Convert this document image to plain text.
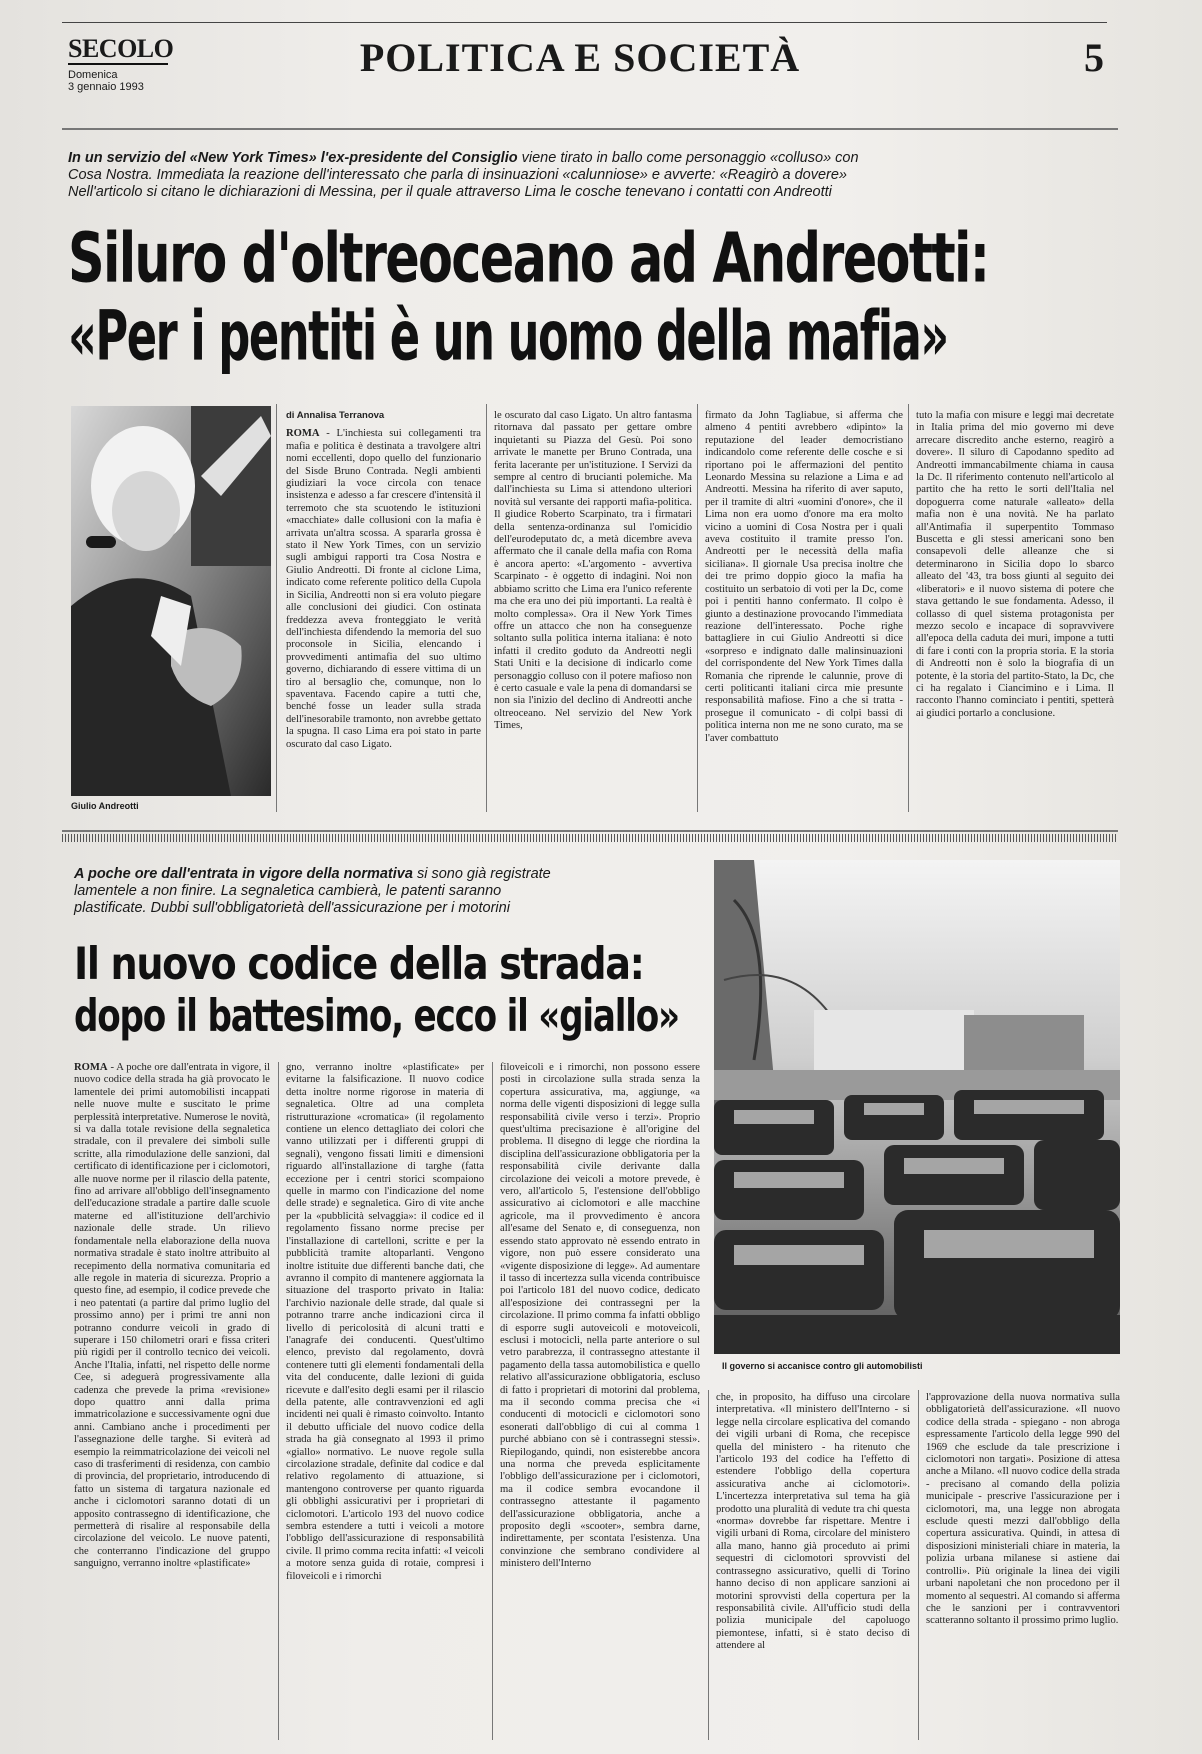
SECOLO
Domenica
3 gennaio 1993
POLITICA E SOCIETÀ	5
In un servizio del «New York Times» l'ex-presidente del Consiglio viene tirato in ballo come personaggio «colluso» con
Cosa Nostra. Immediata la reazione dell'interessato che parla di insinuazioni «calunniose» e avverte: «Reagirò a dovere»
Nell'articolo si citano le dichiarazioni di Messina, per il quale attraverso Lima le cosche tenevano i contatti con Andreotti
Siluro d'oltreoceano ad Andreotti:
«Per i pentiti è un uomo della mafia»
Giulio Andreotti
di Annalisa Terranova
ROMA - L'inchiesta sui collegamenti tra mafia e politica è destinata a travolgere altri nomi eccellenti, dopo quello del funzionario del Sisde Bruno Contrada. Negli ambienti giudiziari la voce circola con tenace insistenza e adesso a far crescere d'intensità il terremoto che sta scuotendo le istituzioni «macchiate» dalle collusioni con la mafia è arrivata un'altra scossa. A spararla grossa è stato il New York Times, con un servizio sugli ambigui rapporti tra Cosa Nostra e Giulio Andreotti. Di fronte al ciclone Lima, indicato come referente politico della Cupola in Sicilia, Andreotti non si era voluto piegare alle conclusioni dei giudici. Con ostinata freddezza aveva fronteggiato le verità dell'inchiesta difendendo la memoria del suo proconsole in Sicilia, elencando i provvedimenti antimafia del suo ultimo governo, dichiarando di essere vittima di un tiro al bersaglio che, comunque, non lo spaventava. Facendo capire a tutti che, benché fosse un leader sulla strada dell'inesorabile tramonto, non avrebbe gettato la spugna. Il caso Lima era poi stato in parte oscurato dal caso Ligato.
le oscurato dal caso Ligato. Un altro fantasma ritornava dal passato per gettare ombre inquietanti su Piazza del Gesù. Poi sono arrivate le manette per Bruno Contrada, una ferita lacerante per un'istituzione. I Servizi da sempre al centro di bruciantі polemiche. Ma dall'inchiesta su Lima si attendono ulteriori novità sul versante dei rapporti mafia-politica. Il giudice Roberto Scarpinato, tra i firmatari della sentenza-ordinanza sul l'omicidio dell'eurodeputato dc, a metà dicembre aveva affermato che il canale della mafia con Roma è ancora aperto: «L'argomento - avvertiva Scarpinato - è oggetto di indagini. Noi non abbiamo scritto che Lima era l'unico referente ma che era uno dei più importanti. La realtà è molto complessa». Ora il New York Times offre un attacco che non ha conseguenze soltanto sulla politica interna italiana: è noto infatti il credito goduto da Andreotti negli Stati Uniti e la decisione di indicarlo come personaggio colluso con il potere mafioso non è certo casuale e vale la pena di domandarsi se non sia l'inizio del declino di Andreotti anche oltreoceano. Nel servizio del New York Times,
firmato da John Tagliabue, si afferma che almeno 4 pentiti avrebbero «dipinto» la reputazione del leader democristiano indicandolo come referente delle cosche e si riportano poi le affermazioni del pentito Leonardo Messina su relazione a Lima e ad Andreotti. Messina ha riferito di aver saputo, per il tramite di altri «uomini d'onore», che il Lima non era uomo d'onore ma era molto vicino a uomini di Cosa Nostra per i quali aveva costituito il tramite presso l'on. Andreotti per le necessità della mafia siciliana». Il giornale Usa precisa inoltre che dei tre primo doppio gioco la mafia ha costituito un serbatoio di voti per la Dc, come poi i pentiti hanno confermato. Il colpo è giunto a destinazione provocando l'immediata reazione dell'interessato. Poche righe battagliere in cui Giulio Andreotti si dice «sorpreso e indignato dalle malinsinuazioni del corrispondente del New York Times dalla Romania che riprende le calunnie, prove di certi politicanti italiani circa mie presunte responsabilità mafiose. Fino a che si tratta - prosegue il comunicato - di colpi bassi di politica interna non me ne sono curato, ma se l'aver combattuto
tuto la mafia con misure e leggi mai decretate in Italia prima del mio governo mi deve arrecare discredito anche esterno, reagirò a dovere». Il siluro di Capodanno spedito ad Andreotti immancabilmente chiama in causa la Dc. Il riferimento contenuto nell'articolo al partito che ha retto le sorti dell'Italia nel dopoguerra come naturale «alleato» della mafia non è una novità. Ne ha parlato all'Antimafia il superpentito Tommaso Buscetta e gli stessi americani sono ben consapevoli delle alleanze che si determinarono in Sicilia dopo lo sbarco alleato del '43, tra boss giunti al seguito dei «liberatori» e il nuovo sistema di potere che stava gettando le sue fondamenta. Adesso, il collasso di quel sistema protagonista per mezzo secolo e incapace di sopravvivere all'epoca della caduta dei muri, impone a tutti di fare i conti con la propria storia. E la storia di Andreotti non è solo la biografia di un potente, è la storia del partito-Stato, la Dc, che ci ha regalato i Ciancimino e i Lima. Il racconto l'hanno cominciato i pentiti, spetterà ai giudici portarlo a conclusione.
A poche ore dall'entrata in vigore della normativa si sono già registrate
lamentele a non finire. La segnaletica cambierà, le patenti saranno
plastificate. Dubbi sull'obbligatorietà dell'assicurazione per i motorini
Il nuovo codice della strada:
dopo il battesimo, ecco il «giallo»
Il governo si accanisce contro gli automobilisti
ROMA - A poche ore dall'entrata in vigore, il nuovo codice della strada ha già provocato le lamentele dei primi automobilisti incappati nelle nuove multe e suscitato le prime perplessità interpretative. Numerose le novità, si va dalla totale revisione della segnaletica stradale, con il prevalere dei simboli sulle scritte, alla rimodulazione delle sanzioni, dal certificato di identificazione per i ciclomotori, alle nuove norme per il rilascio della patente, fino ad arrivare all'obbligo dell'insegnamento dell'educazione stradale a partire dalle scuole materne ed all'istituzione dell'archivio nazionale delle strade. Un rilievo fondamentale nella elaborazione della nuova normativa stradale è stato inoltre attribuito al recepimento della normativa comunitaria ed alle regole in materia di sicurezza. Proprio a questo fine, ad esempio, il codice prevede che i neo patentati (a partire dal primo luglio del prossimo anno) per i primi tre anni non potranno condurre veicoli in grado di superare i 150 chilometri orari e fissa criteri più rigidi per il controllo tecnico dei veicoli. Anche l'Italia, infatti, nel rispetto delle norme Cee, si adeguerà progressivamente alla cadenza che prevede la prima «revisione» dopo quattro anni dalla prima immatricolazione e successivamente ogni due anni. Cambiano anche i procedimenti per l'assegnazione delle targhe. Si eviterà ad esempio la reimmatricolazione dei veicoli nel caso di trasferimenti di residenza, con cambio di provincia, del proprietario, introducendo di fatto un sistema di targatura nazionale ed anche i ciclomotori saranno dotati di un apposito contrassegno di identificazione, che permetterà di risalire al responsabile della circolazione del veicolo. Le nuove patenti, che conterranno l'indicazione del gruppo sanguigno, verranno inoltre «plastificate»
gno, verranno inoltre «plastificate» per evitarne la falsificazione. Il nuovo codice detta inoltre norme rigorose in materia di segnaletica. Oltre ad una completa ristrutturazione «cromatica» (il regolamento contiene un elenco dettagliato dei colori che vanno utilizzati per i differenti gruppi di segnali), vengono fissati limiti e dimensioni riguardo all'installazione di targhe (fatta eccezione per i centri storici scompaiono quelle in marmo con l'indicazione del nome delle strade) e segnaletica. Giro di vite anche per la «pubblicità selvaggia»: il codice ed il regolamento fissano norme precise per l'installazione di cartelloni, scritte e per la pubblicità tramite altoparlanti. Vengono inoltre istituite due differenti banche dati, che avranno il compito di mantenere aggiornata la situazione del trasporto privato in Italia: l'archivio nazionale delle strade, dal quale si potranno trarre anche indicazioni circa il livello di pericolosità di alcuni tratti e l'anagrafe dei conducenti. Quest'ultimo elenco, previsto dal regolamento, dovrà contenere tutti gli elementi fondamentali della vita del conducente, dalle lezioni di guida ricevute e dall'esito degli esami per il rilascio della patente, alle contravvenzioni ed agli incidenti nei quali è rimasto coinvolto. Intanto il debutto ufficiale del nuovo codice della strada ha già consegnato al 1993 il primo «giallo» normativo. Le nuove regole sulla circolazione stradale, definite dal codice e dal relativo regolamento di attuazione, si mantengono controverse per quanto riguarda gli obblighi assicurativi per i proprietari di ciclomotori. L'articolo 193 del nuovo codice sembra estendere a tutti i veicoli a motore l'obbligo dell'assicurazione di responsabilità civile. Il primo comma recita infatti: «I veicoli a motore senza guida di rotaie, compresi i filoveicoli e i rimorchi
filoveicoli e i rimorchi, non possono essere posti in circolazione sulla strada senza la copertura assicurativa, ma, aggiunge, «a norma delle vigenti disposizioni di legge sulla responsabilità civile verso i terzi». Proprio quest'ultima precisazione è all'origine del problema. Il disegno di legge che riordina la disciplina dell'assicurazione obbligatoria per la responsabilità civile derivante dalla circolazione dei veicoli a motore prevede, è vero, all'articolo 5, l'estensione dell'obbligo assicurativo ai ciclomotori e alle macchine agricole, ma il provvedimento è ancora all'esame del Senato e, di conseguenza, non essendo stato approvato nè essendo entrato in vigore, non può essere considerato una «vigente disposizione di legge». Ad aumentare il tasso di incertezza sulla vicenda contribuisce poi l'articolo 181 del nuovo codice, dedicato all'esposizione dei contrassegni per la circolazione. Il primo comma fa infatti obbligo di esporre sugli autoveicoli e motoveicoli, esclusi i motocicli, nella parte anteriore o sul vetro parabrezza, il contrassegno attestante il pagamento della tassa automobilistica e quello relativo all'assicurazione obbligatoria, escluso di fatto i proprietari di motorini dal problema, ma il secondo comma precisa che «i conducenti di motocicli e ciclomotori sono esonerati dall'obbligo di cui al comma 1 purché abbiano con sè i contrassegni stessi». Riepilogando, quindi, non esisterebbe ancora una norma che preveda esplicitamente l'obbligo dell'assicurazione per i ciclomotori, ma il codice sembra evocandone il contrassegno attestante il pagamento dell'assicurazione obbligatoria, anche a proposito degli «scooter», sembra darne, indirettamente, per scontata l'esistenza. Una convinzione che sembrano condividere al ministero dell'Interno
che, in proposito, ha diffuso una circolare interpretativa. «Il ministero dell'Interno - si legge nella circolare esplicativa del comando dei vigili urbani di Roma, che recepisce quella del ministero - ha ritenuto che l'articolo 193 del codice ha l'effetto di estendere l'obbligo della copertura assicurativa anche ai ciclomotori». L'incertezza interpretativa sul tema ha già prodotto una pluralità di vedute tra chi questa «norma» dovrebbe far rispettare. Mentre i vigili urbani di Roma, circolare del ministero alla mano, hanno già proceduto ai primi sequestri di ciclomotori sprovvisti del contrassegno assicurativo, quelli di Torino hanno deciso di non applicare sanzioni ai motorini sprovvisti della copertura per la responsabilità civile. All'ufficio studi della polizia municipale del capoluogo piemontese, infatti, si è stato deciso di attendere al
l'approvazione della nuova normativa sulla obbligatorietà dell'assicurazione. «Il nuovo codice della strada - spiegano - non abroga espressamente l'articolo della legge 990 del 1969 che esclude da tale prescrizione i ciclomotori non targati». Posizione di attesa anche a Milano. «Il nuovo codice della strada - precisano al comando della polizia municipale - prescrive l'assicurazione per i ciclomotori, ma, una legge non abrogata esclude questi mezzi dall'obbligo della copertura assicurativa. Quindi, in attesa di disposizioni ministeriali chiare in materia, la polizia urbana milanese si astiene dai controlli». Più originale la linea dei vigili urbani napoletani che non procedono per il momento al sequestri. Al comando si afferma che le sanzioni per i contravventori scatteranno soltanto il prossimo primo luglio.
